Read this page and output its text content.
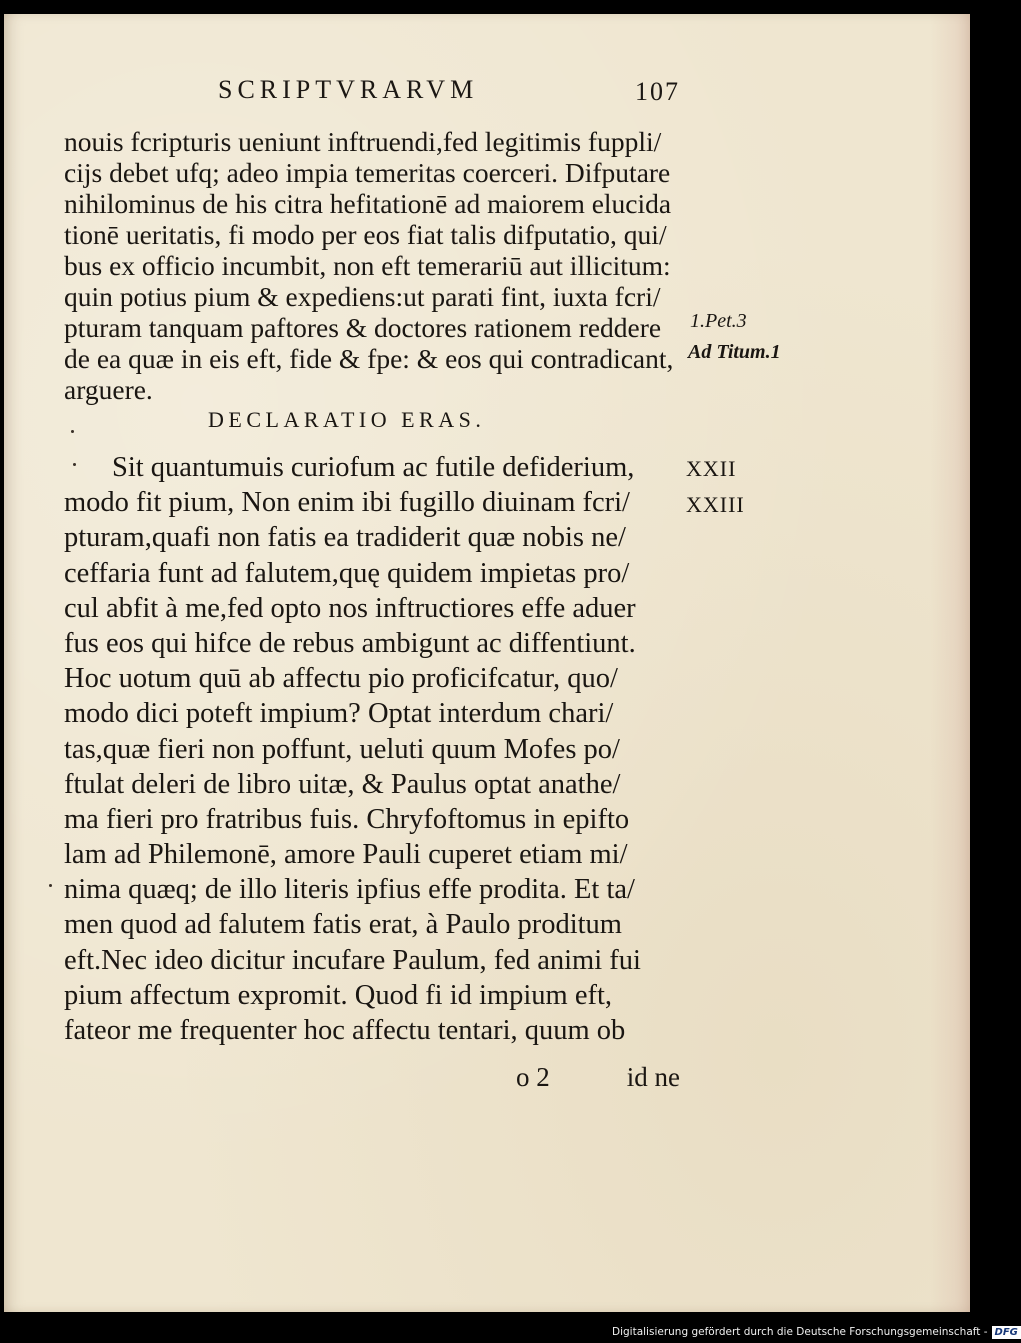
SCRIPTVRARVM	107
nouis fcripturis ueniunt inftruendi,fed legitimis fuppli/
cijs debet ufq; adeo impia temeritas coerceri. Difputare
nihilominus de his citra hefitationē ad maiorem elucida
tionē ueritatis, fi modo per eos fiat talis difputatio, qui/
bus ex officio incumbit, non eft temerariū aut illicitum:
quin potius pium & expediens:ut parati fint, iuxta fcri/
pturam tanquam paftores & doctores rationem reddere
de ea quæ in eis eft, fide & fpe: & eos qui contradicant,
arguere.
1.Pet.3
Ad Titum.1
DECLARATIO ERAS.
Sit quantumuis curiofum ac futile defiderium,
modo fit pium, Non enim ibi fugillo diuinam fcri/
pturam,quafi non fatis ea tradiderit quæ nobis ne/
ceffaria funt ad falutem,quę quidem impietas pro/
cul abfit à me,fed opto nos inftructiores effe aduer
fus eos qui hifce de rebus ambigunt ac diffentiunt.
Hoc uotum quū ab affectu pio proficifcatur, quo/
modo dici poteft impium? Optat interdum chari/
tas,quæ fieri non poffunt, ueluti quum Mofes po/
ftulat deleri de libro uitæ, & Paulus optat anathe/
ma fieri pro fratribus fuis. Chryfoftomus in epifto
lam ad Philemonē, amore Pauli cuperet etiam mi/
nima quæq; de illo literis ipfius effe prodita. Et ta/
men quod ad falutem fatis erat, à Paulo proditum
eft.Nec ideo dicitur incufare Paulum, fed animi fui
pium affectum expromit. Quod fi id impium eft,
fateor me frequenter hoc affectu tentari, quum ob
XXII
XXIII
o 2	id ne
Digitalisierung gefördert durch die Deutsche Forschungsgemeinschaft - DFG
